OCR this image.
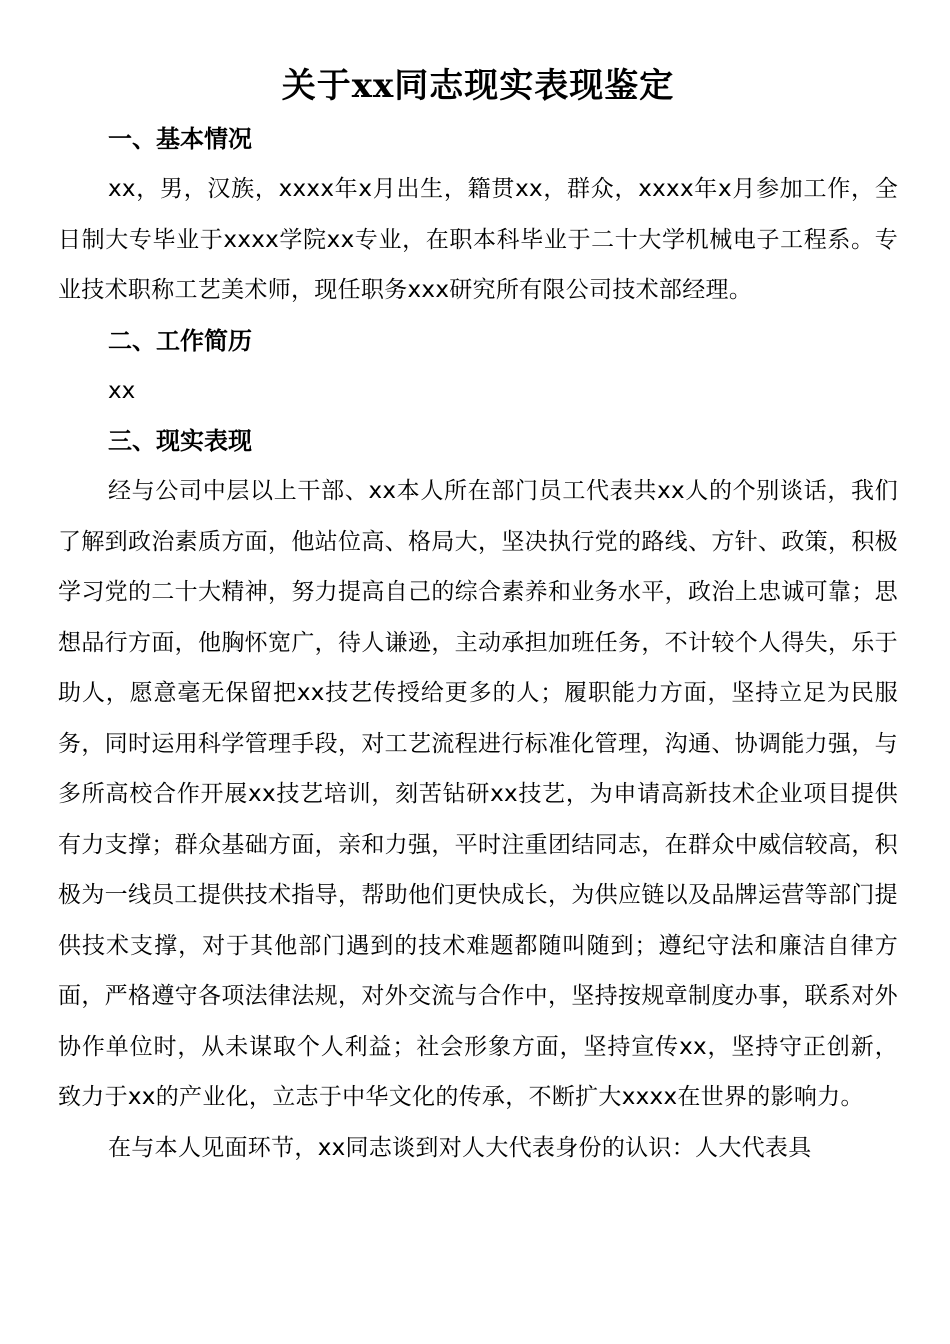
关于xx同志现实表现鉴定
一、基本情况

xx，男，汉族，xxxx年x月出生，籍贯xx，群众，xxxx年x月参加工作，全日制大专毕业于xxxx学院xx专业，在职本科毕业于二十大学机械电子工程系。专业技术职称工艺美术师，现任职务xxx研究所有限公司技术部经理。

二、工作简历

xx

三、现实表现

经与公司中层以上干部、xx本人所在部门员工代表共xx人的个别谈话，我们了解到政治素质方面，他站位高、格局大，坚决执行党的路线、方针、政策，积极学习党的二十大精神，努力提高自己的综合素养和业务水平，政治上忠诚可靠；思想品行方面，他胸怀宽广，待人谦逊，主动承担加班任务，不计较个人得失，乐于助人，愿意毫无保留把xx技艺传授给更多的人；履职能力方面，坚持立足为民服务，同时运用科学管理手段，对工艺流程进行标准化管理，沟通、协调能力强，与多所高校合作开展xx技艺培训，刻苦钻研xx技艺，为申请高新技术企业项目提供有力支撑；群众基础方面，亲和力强，平时注重团结同志，在群众中威信较高，积极为一线员工提供技术指导，帮助他们更快成长，为供应链以及品牌运营等部门提供技术支撑，对于其他部门遇到的技术难题都随叫随到；遵纪守法和廉洁自律方面，严格遵守各项法律法规，对外交流与合作中，坚持按规章制度办事，联系对外协作单位时，从未谋取个人利益；社会形象方面，坚持宣传xx，坚持守正创新，致力于xx的产业化，立志于中华文化的传承，不断扩大xxxx在世界的影响力。

在与本人见面环节，xx同志谈到对人大代表身份的认识：人大代表具
